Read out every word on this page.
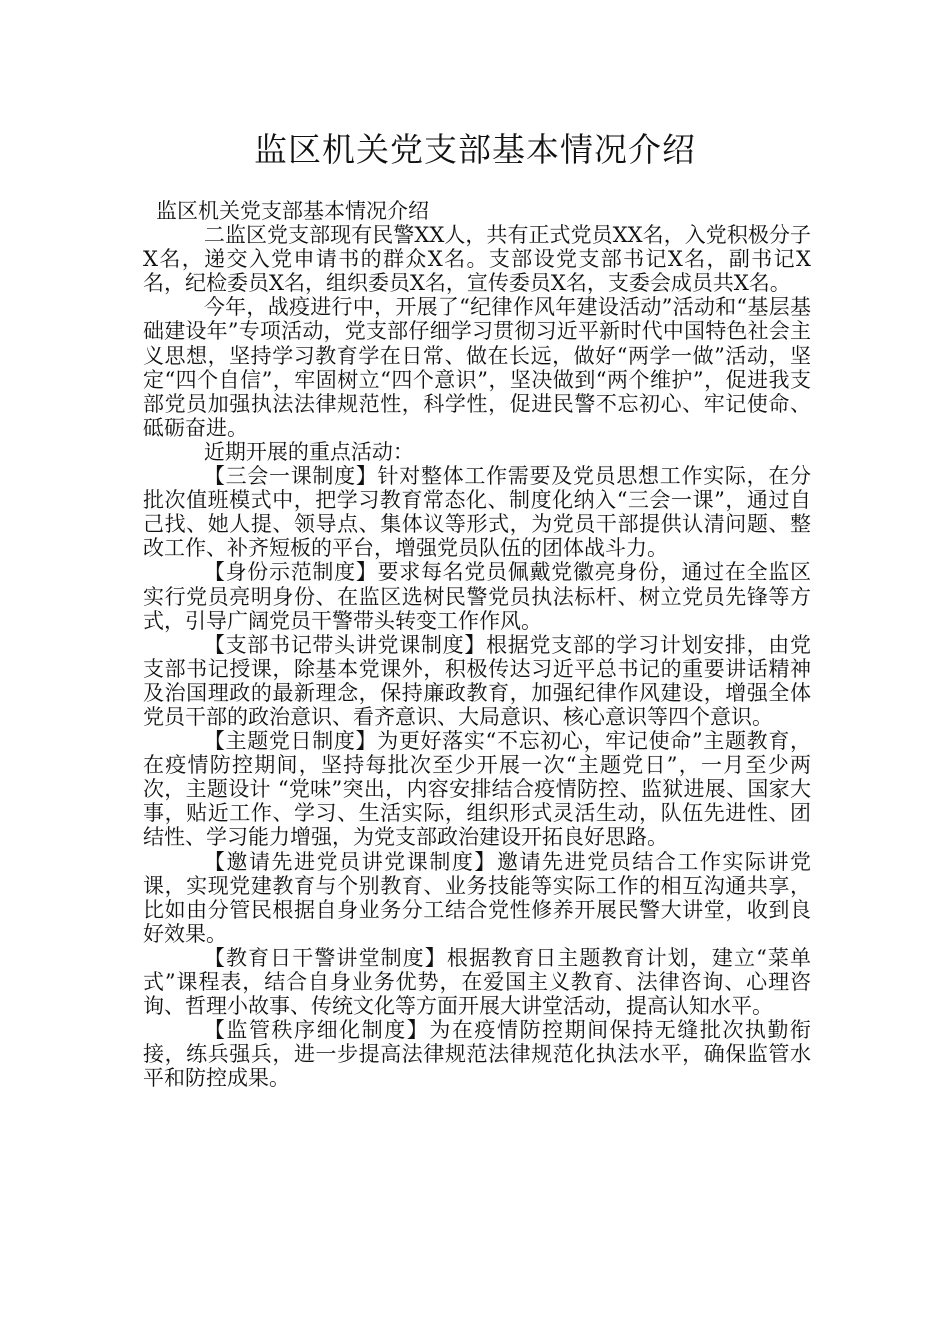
监区机关党支部基本情况介绍

监区机关党支部基本情况介绍

二监区党支部现有民警XX人，共有正式党员XX名，入党积极分子X名，递交入党申请书的群众X名。支部设党支部书记X名，副书记X名，纪检委员X名，组织委员X名，宣传委员X名，支委会成员共X名。

今年，战疫进行中，开展了“纪律作风年建设活动”活动和“基层基础建设年”专项活动，党支部仔细学习贯彻习近平新时代中国特色社会主义思想，坚持学习教育学在日常、做在长远，做好“两学一做”活动，坚定“四个自信”，牢固树立“四个意识”，坚决做到“两个维护”，促进我支部党员加强执法法律规范性，科学性，促进民警不忘初心、牢记使命、砥砺奋进。

近期开展的重点活动：

【三会一课制度】针对整体工作需要及党员思想工作实际，在分批次值班模式中，把学习教育常态化、制度化纳入“三会一课”，通过自己找、她人提、领导点、集体议等形式，为党员干部提供认清问题、整改工作、补齐短板的平台，增强党员队伍的团体战斗力。

【身份示范制度】要求每名党员佩戴党徽亮身份，通过在全监区实行党员亮明身份、在监区选树民警党员执法标杆、树立党员先锋等方式，引导广阔党员干警带头转变工作作风。

【支部书记带头讲党课制度】根据党支部的学习计划安排，由党支部书记授课，除基本党课外，积极传达习近平总书记的重要讲话精神及治国理政的最新理念，保持廉政教育，加强纪律作风建设，增强全体党员干部的政治意识、看齐意识、大局意识、核心意识等四个意识。

【主题党日制度】为更好落实“不忘初心，牢记使命”主题教育，在疫情防控期间，坚持每批次至少开展一次“主题党日”，一月至少两次，主题设计 “党味”突出，内容安排结合疫情防控、监狱进展、国家大事，贴近工作、学习、生活实际，组织形式灵活生动，队伍先进性、团结性、学习能力增强，为党支部政治建设开拓良好思路。

【邀请先进党员讲党课制度】邀请先进党员结合工作实际讲党课，实现党建教育与个别教育、业务技能等实际工作的相互沟通共享，比如由分管民根据自身业务分工结合党性修养开展民警大讲堂，收到良好效果。

【教育日干警讲堂制度】根据教育日主题教育计划，建立“菜单式”课程表，结合自身业务优势，在爱国主义教育、法律咨询、心理咨询、哲理小故事、传统文化等方面开展大讲堂活动，提高认知水平。

【监管秩序细化制度】为在疫情防控期间保持无缝批次执勤衔接，练兵强兵，进一步提高法律规范法律规范化执法水平，确保监管水平和防控成果。
